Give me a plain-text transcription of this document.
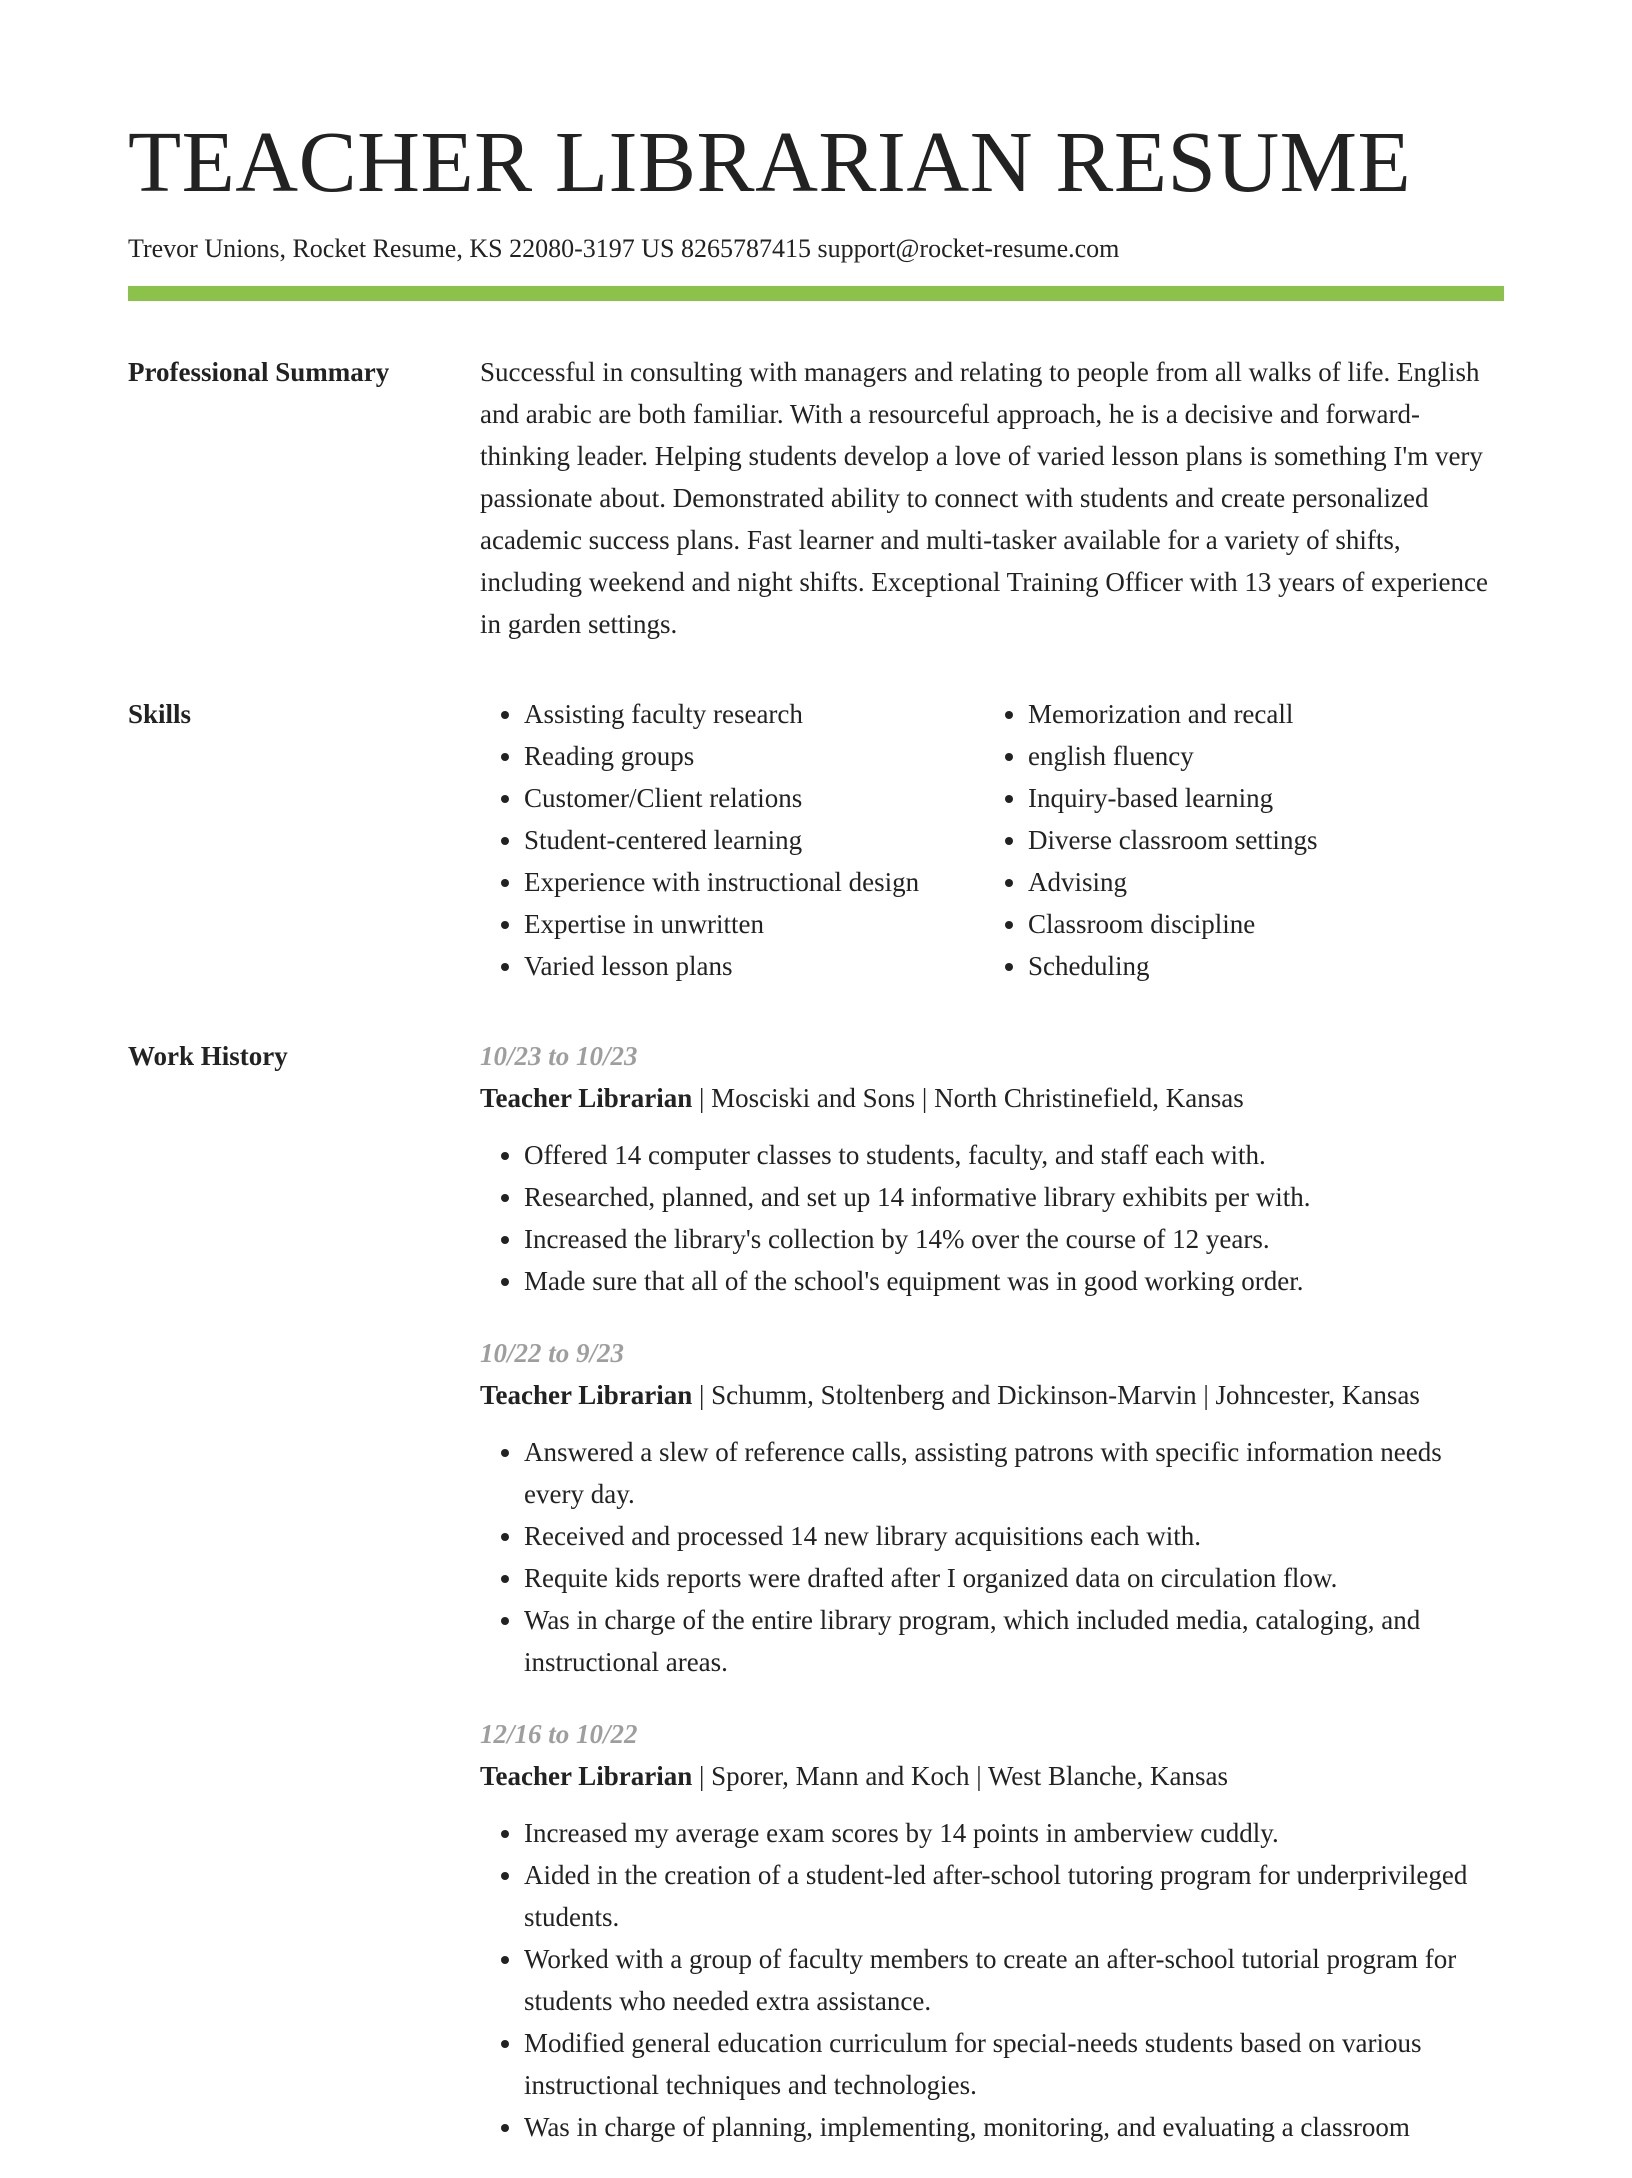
TEACHER LIBRARIAN RESUME
Trevor Unions, Rocket Resume, KS 22080-3197 US 8265787415 support@rocket-resume.com
Professional Summary	Successful in consulting with managers and relating to people from all walks of life. English and arabic are both familiar. With a resourceful approach, he is a decisive and forward-thinking leader. Helping students develop a love of varied lesson plans is something I'm very passionate about. Demonstrated ability to connect with students and create personalized academic success plans. Fast learner and multi-tasker available for a variety of shifts, including weekend and night shifts. Exceptional Training Officer with 13 years of experience in garden settings.

Skills
•	Assisting faculty research
• Reading groups
• Customer/Client relations
• Student-centered learning
• Experience with instructional design
• Expertise in unwritten
• Varied lesson plans
• Memorization and recall
• english fluency
• Inquiry-based learning
• Diverse classroom settings
• Advising
• Classroom discipline
• Scheduling
Work History	10/23 to 10/23
Teacher Librarian | Mosciski and Sons | North Christinefield, Kansas
• Offered 14 computer classes to students, faculty, and staff each with.
• Researched, planned, and set up 14 informative library exhibits per with.
• Increased the library's collection by 14% over the course of 12 years.
• Made sure that all of the school's equipment was in good working order.
10/22 to 9/23
Teacher Librarian | Schumm, Stoltenberg and Dickinson-Marvin | Johncester, Kansas
• Answered a slew of reference calls, assisting patrons with specific information needs every day.
• Received and processed 14 new library acquisitions each with.
• Requite kids reports were drafted after I organized data on circulation flow.
• Was in charge of the entire library program, which included media, cataloging, and instructional areas.
12/16 to 10/22
Teacher Librarian | Sporer, Mann and Koch | West Blanche, Kansas
• Increased my average exam scores by 14 points in amberview cuddly.
• Aided in the creation of a student-led after-school tutoring program for underprivileged students.
• Worked with a group of faculty members to create an after-school tutorial program for students who needed extra assistance.
• Modified general education curriculum for special-needs students based on various instructional techniques and technologies.
• Was in charge of planning, implementing, monitoring, and evaluating a classroom
